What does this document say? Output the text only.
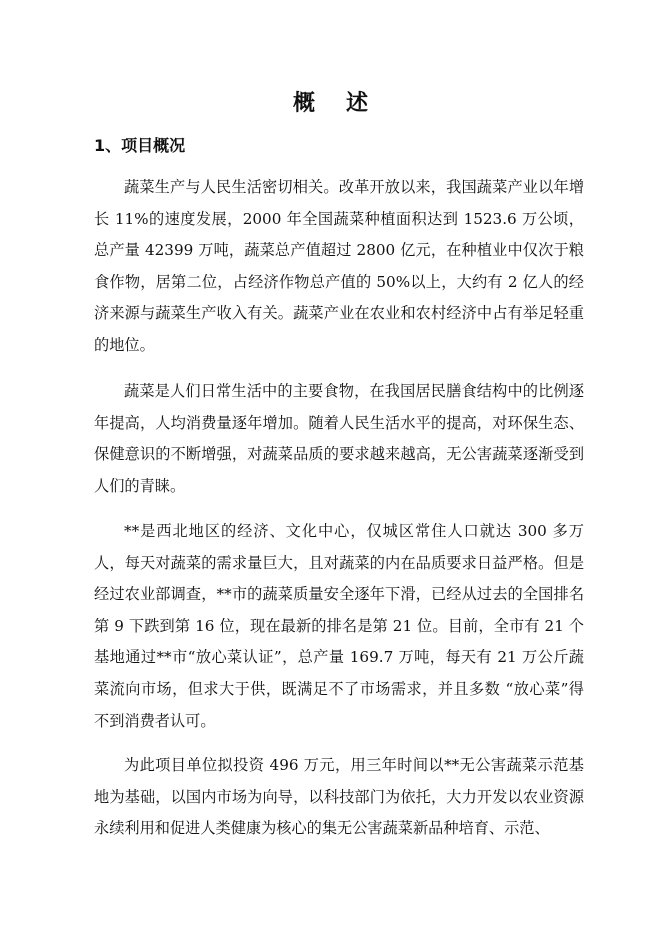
概 述
1、项目概况

蔬菜生产与人民生活密切相关。改革开放以来，我国蔬菜产业以年增长 11%的速度发展，2000 年全国蔬菜种植面积达到 1523.6 万公顷，总产量 42399 万吨，蔬菜总产值超过 2800 亿元，在种植业中仅次于粮食作物，居第二位，占经济作物总产值的 50%以上，大约有 2 亿人的经济来源与蔬菜生产收入有关。蔬菜产业在农业和农村经济中占有举足轻重的地位。

蔬菜是人们日常生活中的主要食物，在我国居民膳食结构中的比例逐年提高，人均消费量逐年增加。随着人民生活水平的提高，对环保生态、保健意识的不断增强，对蔬菜品质的要求越来越高，无公害蔬菜逐渐受到人们的青睐。

**是西北地区的经济、文化中心，仅城区常住人口就达 300 多万人，每天对蔬菜的需求量巨大，且对蔬菜的内在品质要求日益严格。但是经过农业部调查，**市的蔬菜质量安全逐年下滑，已经从过去的全国排名第 9 下跌到第 16 位，现在最新的排名是第 21 位。目前，全市有 21 个基地通过**市“放心菜认证”，总产量 169.7 万吨，每天有 21 万公斤蔬菜流向市场，但求大于供，既满足不了市场需求，并且多数 “放心菜”得不到消费者认可。

为此项目单位拟投资 496 万元，用三年时间以**无公害蔬菜示范基地为基础，以国内市场为向导，以科技部门为依托，大力开发以农业资源永续利用和促进人类健康为核心的集无公害蔬菜新品种培育、示范、
